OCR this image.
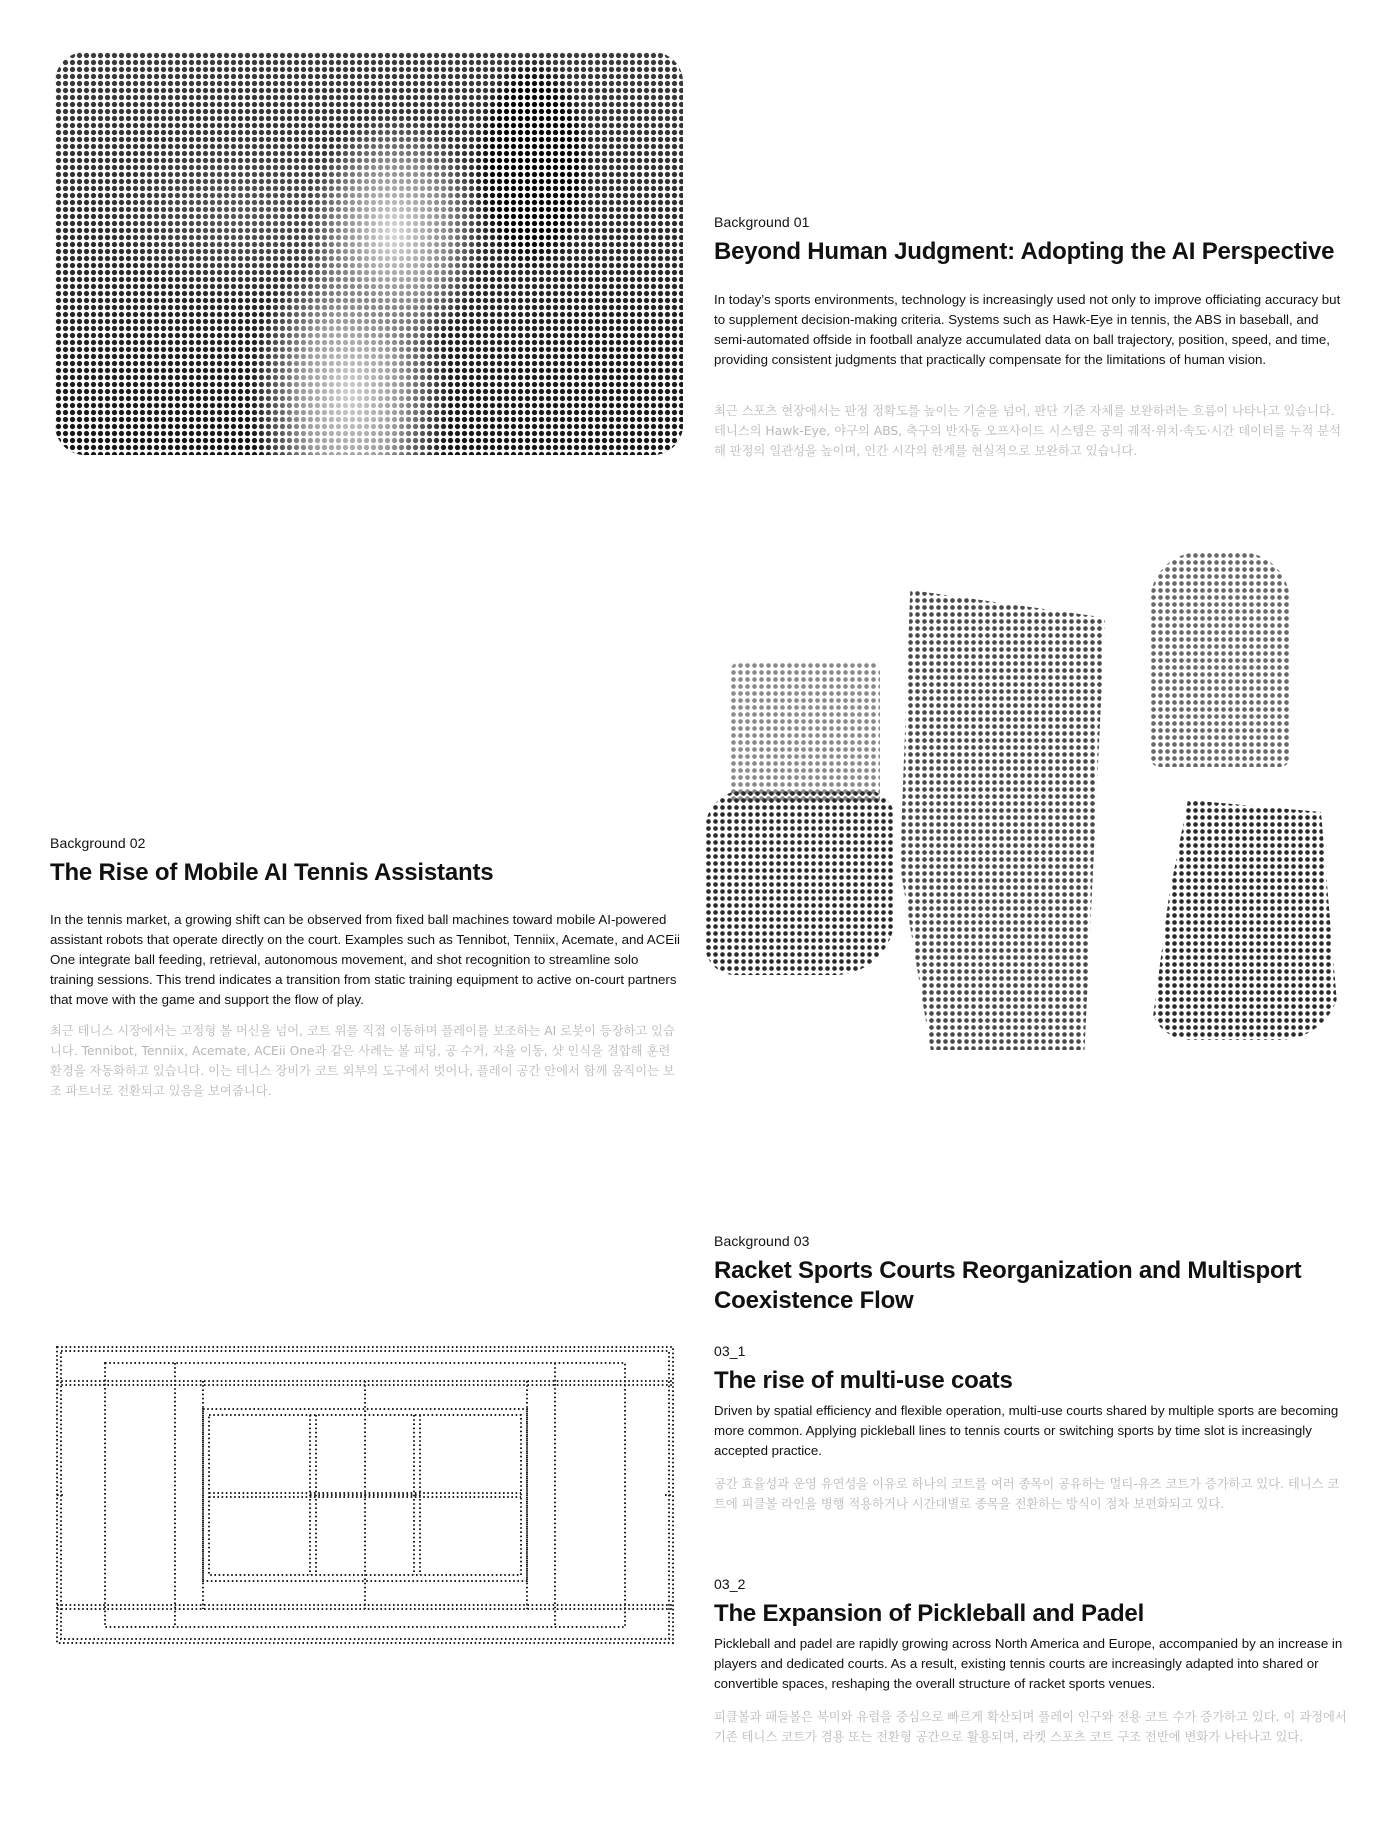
Background 01
Beyond Human Judgment: Adopting the AI Perspective
In today’s sports environments, technology is increasingly used not only to improve officiating accuracy but to supplement decision-making criteria. Systems such as Hawk-Eye in tennis, the ABS in baseball, and semi-automated offside in football analyze accumulated data on ball trajectory, position, speed, and time, providing consistent judgments that practically compensate for the limitations of human vision.
최근 스포츠 현장에서는 판정 정확도를 높이는 기술을 넘어, 판단 기준 자체를 보완하려는 흐름이 나타나고 있습니다. 테니스의 Hawk-Eye, 야구의 ABS, 축구의 반자동 오프사이드 시스템은 공의 궤적·위치·속도·시간 데이터를 누적 분석해 판정의 일관성을 높이며, 인간 시각의 한계를 현실적으로 보완하고 있습니다.
Background 02
The Rise of Mobile AI Tennis Assistants
In the tennis market, a growing shift can be observed from fixed ball machines toward mobile AI-powered assistant robots that operate directly on the court. Examples such as Tennibot, Tenniix, Acemate, and ACEii One integrate ball feeding, retrieval, autonomous movement, and shot recognition to streamline solo training sessions. This trend indicates a transition from static training equipment to active on-court partners that move with the game and support the flow of play.
최근 테니스 시장에서는 고정형 볼 머신을 넘어, 코트 위를 직접 이동하며 플레이를 보조하는 AI 로봇이 등장하고 있습니다. Tennibot, Tenniix, Acemate, ACEii One과 같은 사례는 볼 피딩, 공 수거, 자율 이동, 샷 인식을 결합해 훈련 환경을 자동화하고 있습니다. 이는 테니스 장비가 코트 외부의 도구에서 벗어나, 플레이 공간 안에서 함께 움직이는 보조 파트너로 전환되고 있음을 보여줍니다.
Background 03
Racket Sports Courts Reorganization and Multisport Coexistence Flow
03_1
The rise of multi-use coats
Driven by spatial efficiency and flexible operation, multi-use courts shared by multiple sports are becoming more common. Applying pickleball lines to tennis courts or switching sports by time slot is increasingly accepted practice.
공간 효율성과 운영 유연성을 이유로 하나의 코트를 여러 종목이 공유하는 멀티-유즈 코트가 증가하고 있다. 테니스 코트에 피클볼 라인을 병행 적용하거나 시간대별로 종목을 전환하는 방식이 점차 보편화되고 있다.
03_2
The Expansion of Pickleball and Padel
Pickleball and padel are rapidly growing across North America and Europe, accompanied by an increase in players and dedicated courts. As a result, existing tennis courts are increasingly adapted into shared or convertible spaces, reshaping the overall structure of racket sports venues.
피클볼과 패들볼은 북미와 유럽을 중심으로 빠르게 확산되며 플레이 인구와 전용 코트 수가 증가하고 있다. 이 과정에서 기존 테니스 코트가 겸용 또는 전환형 공간으로 활용되며, 라켓 스포츠 코트 구조 전반에 변화가 나타나고 있다.
